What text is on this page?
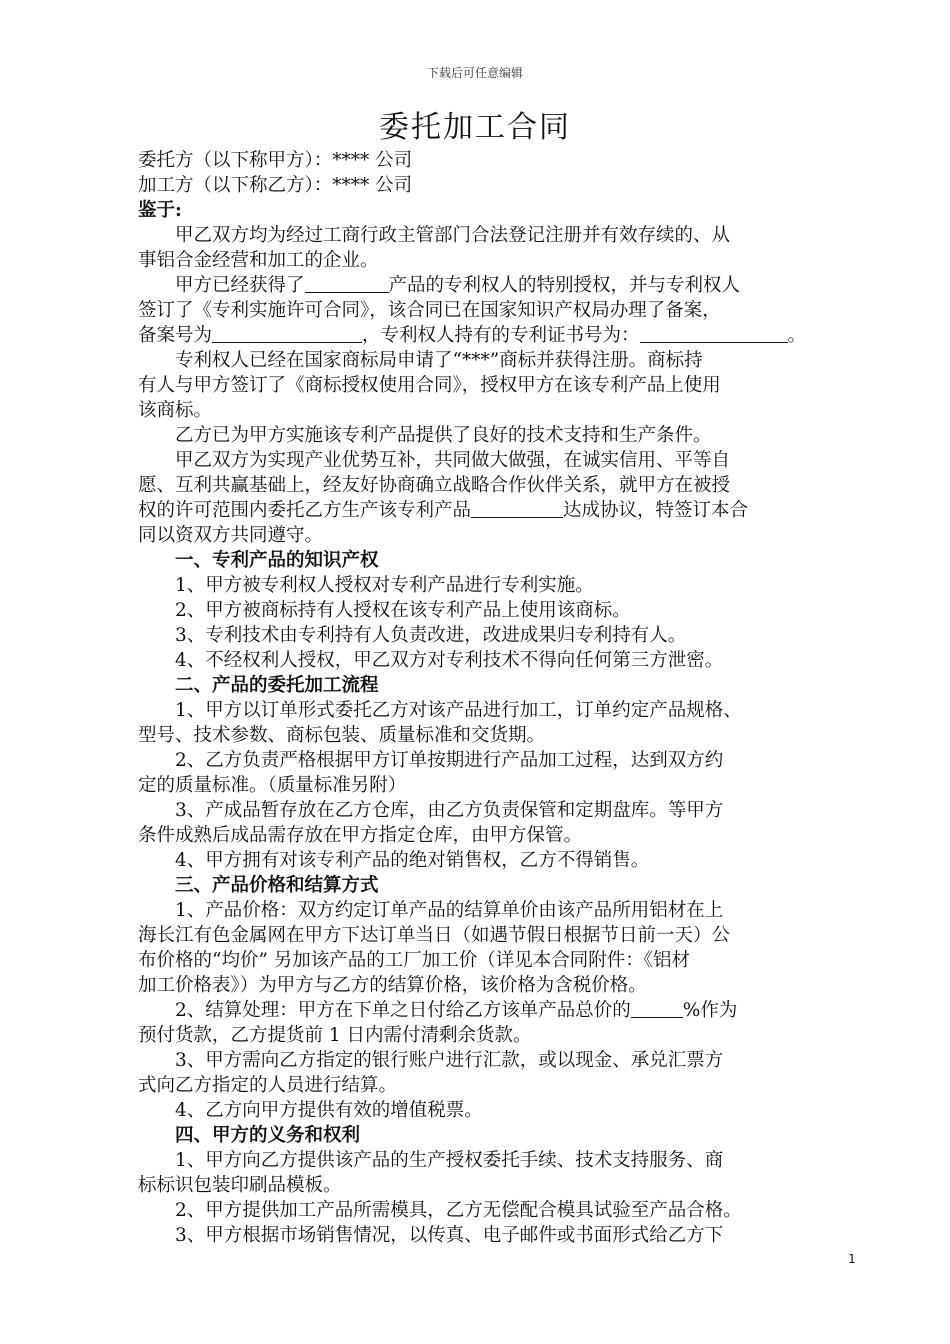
下载后可任意编辑
委托加工合同

委托方（以下称甲方）：**** 公司

加工方（以下称乙方）：**** 公司

鉴于:

甲乙双方均为经过工商行政主管部门合法登记注册并有效存续的、从

事铝合金经营和加工的企业。

甲方已经获得了	产品的专利权人的特别授权，并与专利权人

签订了《专利实施许可合同》，该合同已在国家知识产权局办理了备案，

备案号为	，专利权人持有的专利证书号为：	。

专利权人已经在国家商标局申请了“***”商标并获得注册。商标持

有人与甲方签订了《商标授权使用合同》，授权甲方在该专利产品上使用

该商标。

乙方已为甲方实施该专利产品提供了良好的技术支持和生产条件。

甲乙双方为实现产业优势互补，共同做大做强，在诚实信用、平等自

愿、互利共赢基础上，经友好协商确立战略合作伙伴关系，就甲方在被授

权的许可范围内委托乙方生产该专利产品	达成协议，特签订本合

同以资双方共同遵守。

一、专利产品的知识产权

1、甲方被专利权人授权对专利产品进行专利实施。

2、甲方被商标持有人授权在该专利产品上使用该商标。

3、专利技术由专利持有人负责改进，改进成果归专利持有人。

4、不经权利人授权，甲乙双方对专利技术不得向任何第三方泄密。

二、产品的委托加工流程

1、甲方以订单形式委托乙方对该产品进行加工，订单约定产品规格、

型号、技术参数、商标包装、质量标准和交货期。

2、乙方负责严格根据甲方订单按期进行产品加工过程，达到双方约

定的质量标准。（质量标准另附）

3、产成品暂存放在乙方仓库，由乙方负责保管和定期盘库。等甲方

条件成熟后成品需存放在甲方指定仓库，由甲方保管。

4、甲方拥有对该专利产品的绝对销售权，乙方不得销售。

三、产品价格和结算方式

1、产品价格：双方约定订单产品的结算单价由该产品所用铝材在上

海长江有色金属网在甲方下达订单当日（如遇节假日根据节日前一天）公

布价格的“均价” 另加该产品的工厂加工价（详见本合同附件：《铝材

加工价格表》）为甲方与乙方的结算价格，该价格为含税价格。

2、结算处理：甲方在下单之日付给乙方该单产品总价的	%作为

预付货款，乙方提货前 1 日内需付清剩余货款。

3、甲方需向乙方指定的银行账户进行汇款，或以现金、承兑汇票方

式向乙方指定的人员进行结算。

4、乙方向甲方提供有效的增值税票。

四、甲方的义务和权利

1、甲方向乙方提供该产品的生产授权委托手续、技术支持服务、商

标标识包装印刷品模板。

2、甲方提供加工产品所需模具，乙方无偿配合模具试验至产品合格。

3、甲方根据市场销售情况，以传真、电子邮件或书面形式给乙方下

1
